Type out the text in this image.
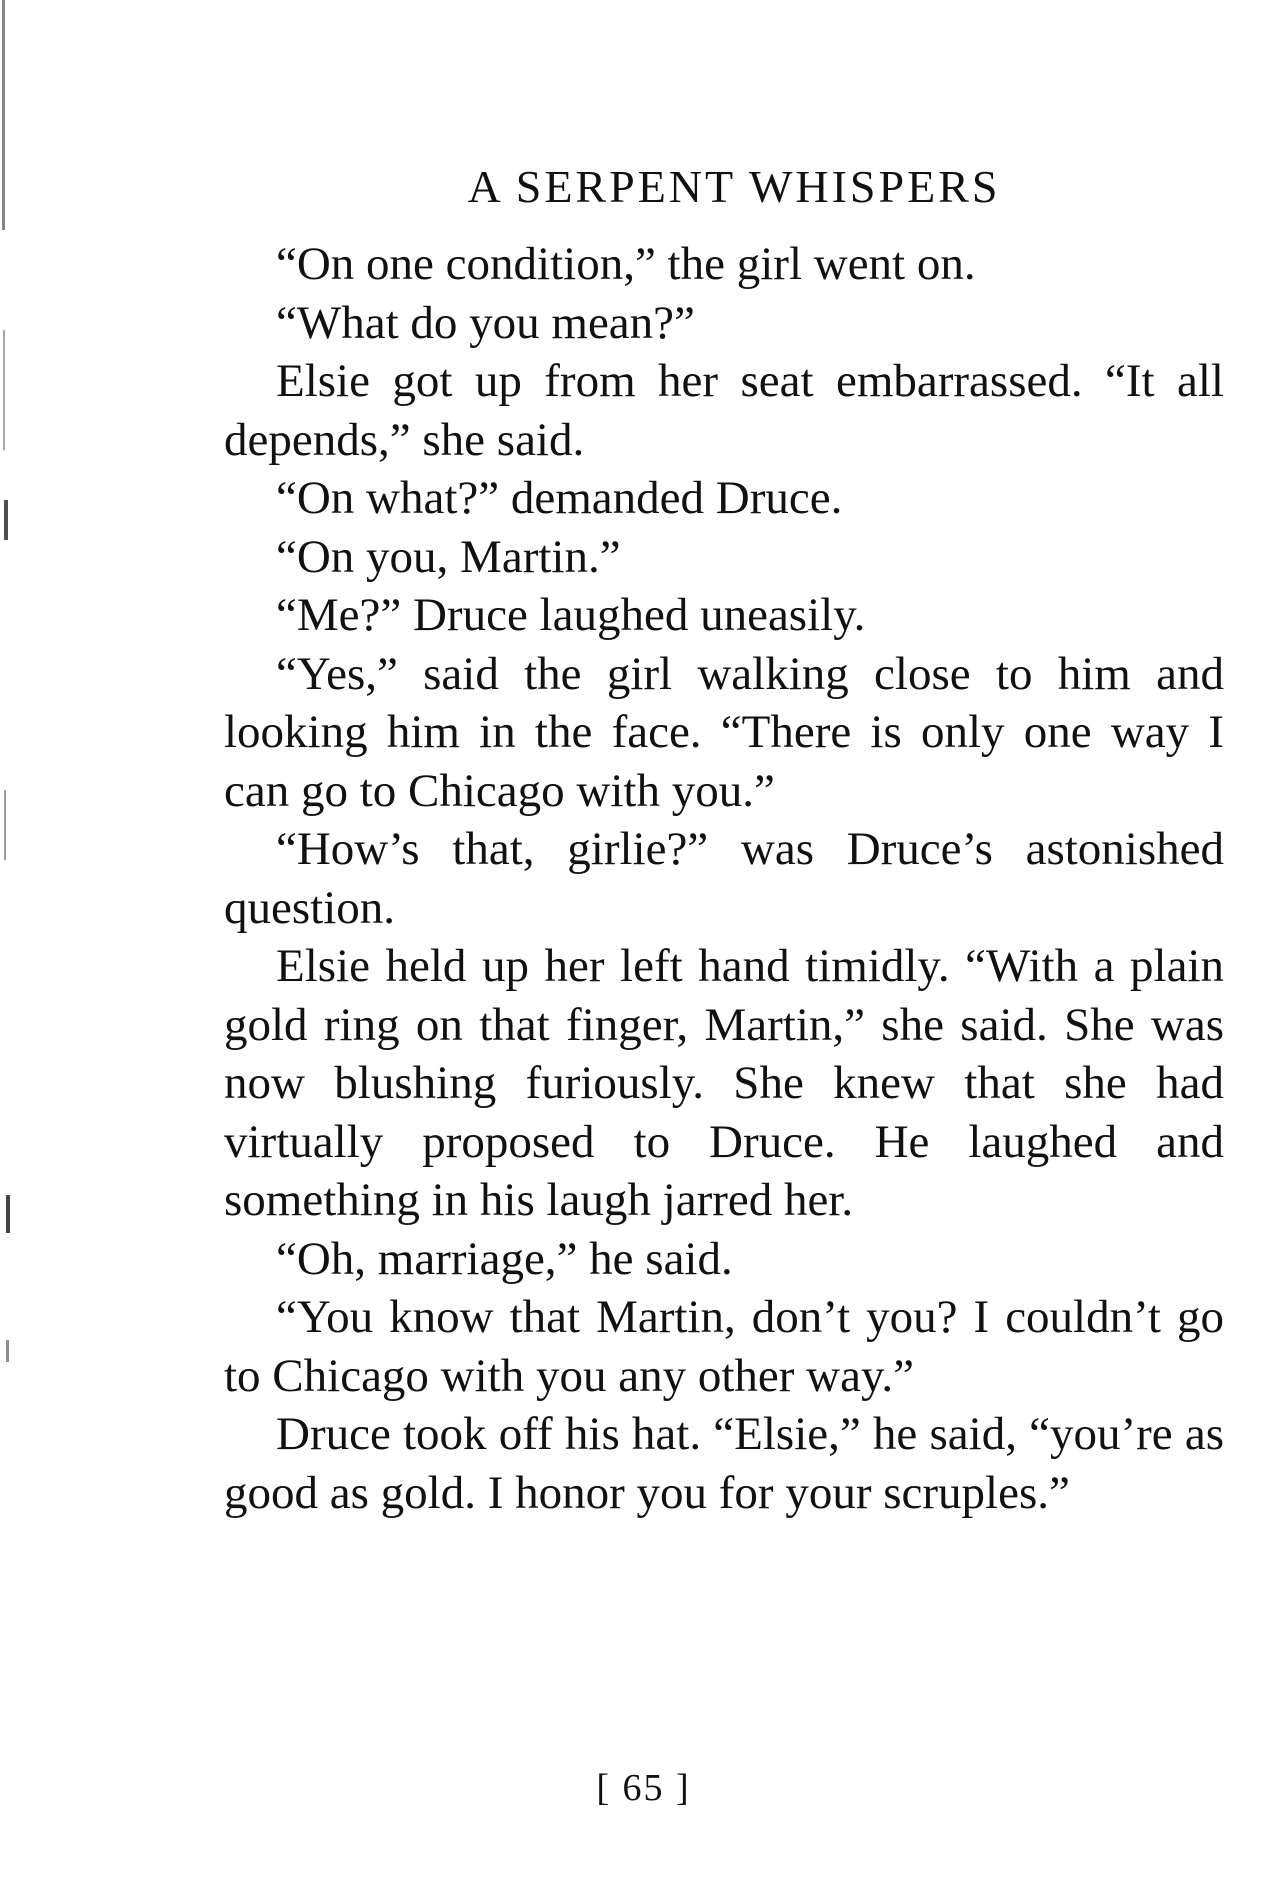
A SERPENT WHISPERS

“On one condition,” the girl went on.

“What do you mean?”

Elsie got up from her seat embarrassed. “It all depends,” she said.

“On what?” demanded Druce.

“On you, Martin.”

“Me?” Druce laughed uneasily.

“Yes,” said the girl walking close to him and looking him in the face. “There is only one way I can go to Chicago with you.”

“How’s that, girlie?” was Druce’s astonished question.

Elsie held up her left hand timidly. “With a plain gold ring on that finger, Martin,” she said. She was now blushing furiously. She knew that she had virtually proposed to Druce. He laughed and something in his laugh jarred her.

“Oh, marriage,” he said.

“You know that Martin, don’t you? I couldn’t go to Chicago with you any other way.”

Druce took off his hat. “Elsie,” he said, “you’re as good as gold. I honor you for your scruples.”

[ 65 ]
